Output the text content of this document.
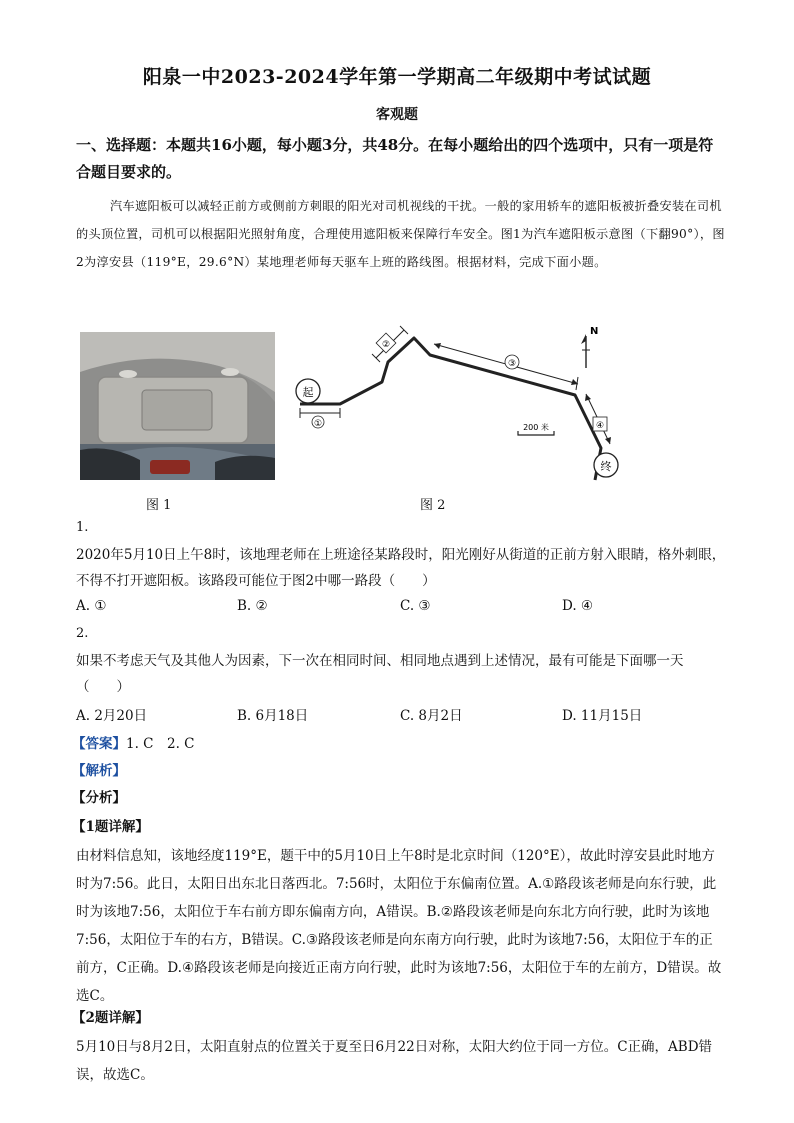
阳泉一中2023-2024学年第一学期高二年级期中考试试题
客观题
一、选择题：本题共16小题，每小题3分，共48分。在每小题给出的四个选项中，只有一项是符合题目要求的。
汽车遮阳板可以减轻正前方或侧前方刺眼的阳光对司机视线的干扰。一般的家用轿车的遮阳板被折叠安装在司机的头顶位置，司机可以根据阳光照射角度，合理使用遮阳板来保障行车安全。图1为汽车遮阳板示意图（下翻90°），图2为淳安县（119°E，29.6°N）某地理老师每天驱车上班的路线图。根据材料，完成下面小题。
图 1
起
终
①
②
③
④
N
200 米
图 2
1.
2020年5月10日上午8时，该地理老师在上班途径某路段时，阳光刚好从街道的正前方射入眼睛，格外刺眼，不得不打开遮阳板。该路段可能位于图2中哪一路段（　　）
A. ①	B. ②	C. ③	D. ④
2.
如果不考虑天气及其他人为因素，下一次在相同时间、相同地点遇到上述情况，最有可能是下面哪一天（　　）
A. 2月20日	B. 6月18日	C. 8月2日	D. 11月15日
【答案】1. C　2. C
【解析】
【分析】
【1题详解】
由材料信息知，该地经度119°E，题干中的5月10日上午8时是北京时间（120°E），故此时淳安县此时地方时为7:56。此日，太阳日出东北日落西北。7:56时，太阳位于东偏南位置。A.①路段该老师是向东行驶，此时为该地7:56，太阳位于车右前方即东偏南方向，A错误。B.②路段该老师是向东北方向行驶，此时为该地7:56，太阳位于车的右方，B错误。C.③路段该老师是向东南方向行驶，此时为该地7:56，太阳位于车的正前方，C正确。D.④路段该老师是向接近正南方向行驶，此时为该地7:56，太阳位于车的左前方，D错误。故选C。
【2题详解】
5月10日与8月2日，太阳直射点的位置关于夏至日6月22日对称，太阳大约位于同一方位。C正确，ABD错误，故选C。
